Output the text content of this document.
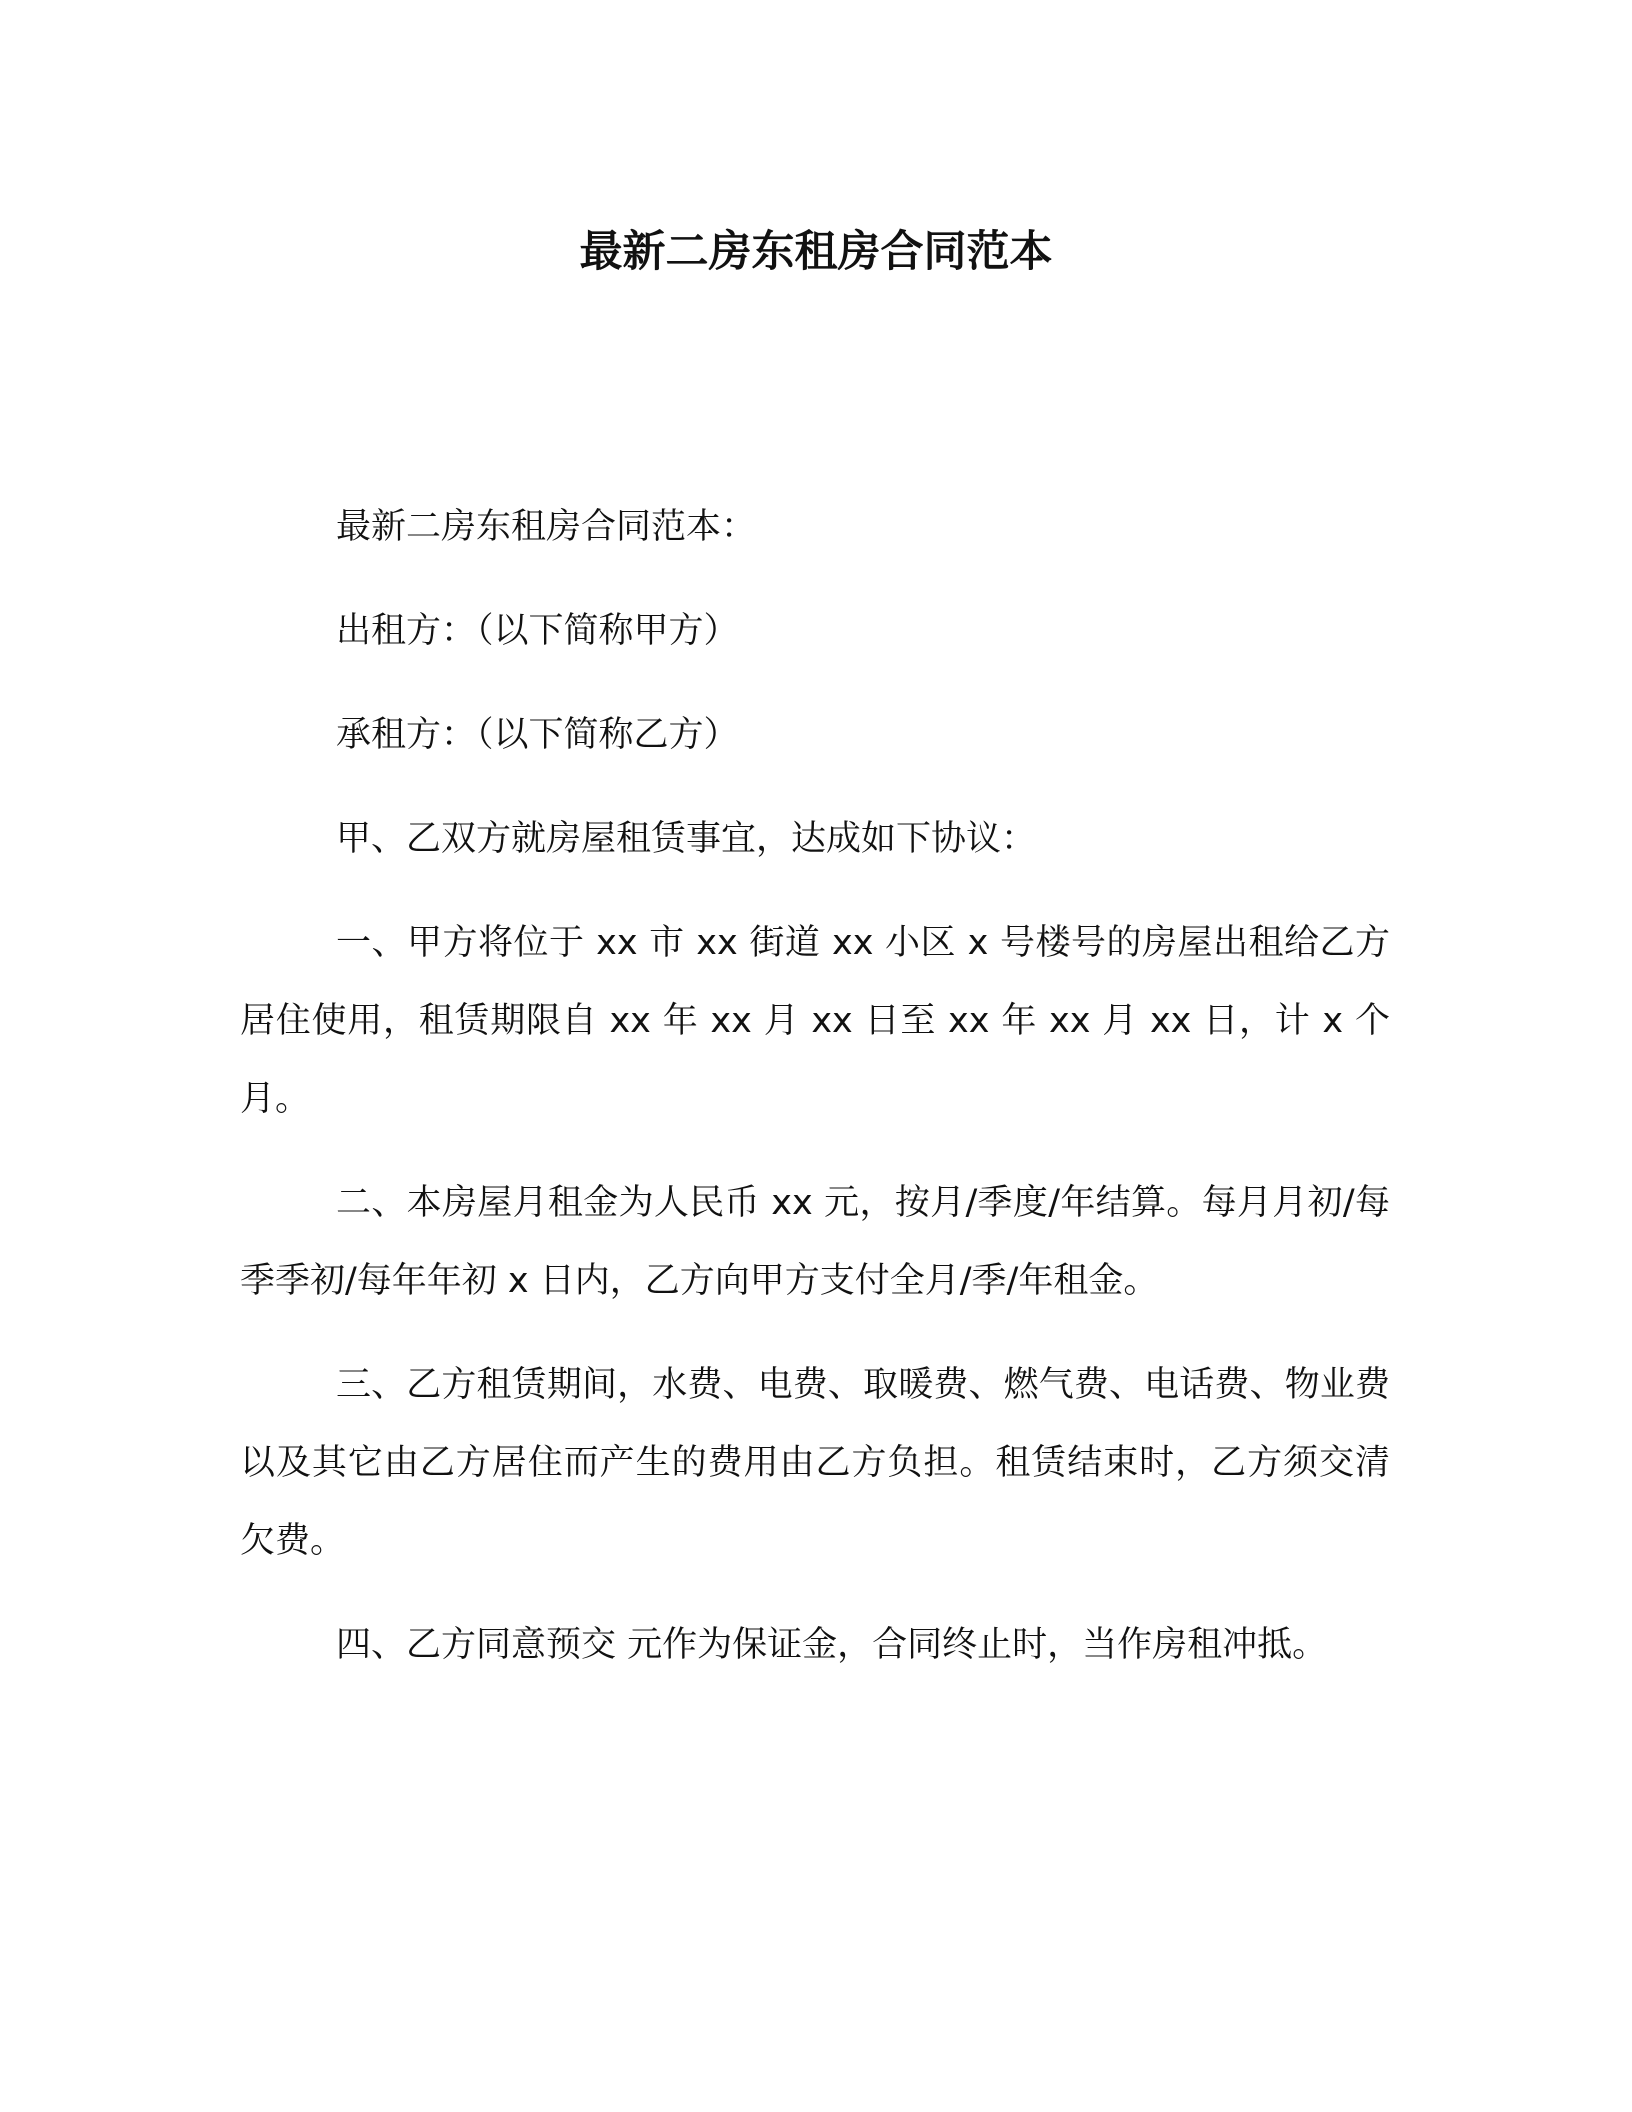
最新二房东租房合同范本

最新二房东租房合同范本：

出租方：（以下简称甲方）

承租方：（以下简称乙方）

甲、乙双方就房屋租赁事宜，达成如下协议：

一、甲方将位于 xx 市 xx 街道 xx 小区 x 号楼号的房屋出租给乙方居住使用，租赁期限自 xx 年 xx 月 xx 日至 xx 年 xx 月 xx 日，计 x 个月。

二、本房屋月租金为人民币 xx 元，按月/季度/年结算。每月月初/每季季初/每年年初 x 日内，乙方向甲方支付全月/季/年租金。

三、乙方租赁期间，水费、电费、取暖费、燃气费、电话费、物业费以及其它由乙方居住而产生的费用由乙方负担。租赁结束时，乙方须交清欠费。

四、乙方同意预交 元作为保证金，合同终止时，当作房租冲抵。
